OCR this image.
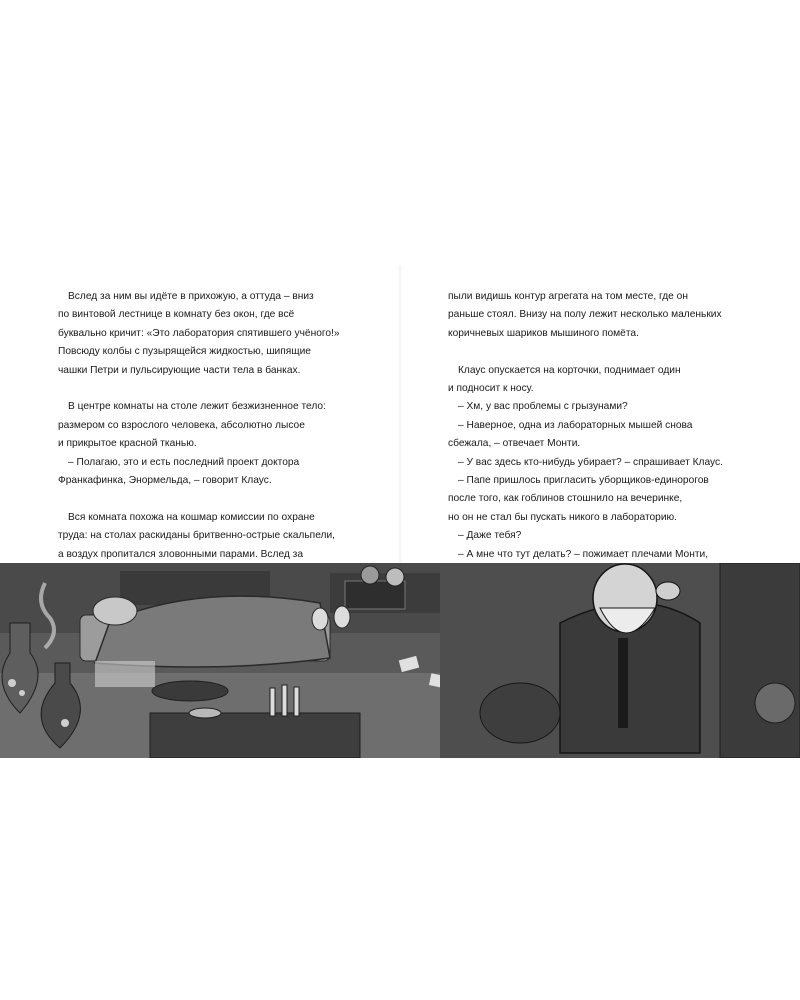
Вслед за ним вы идёте в прихожую, а оттуда – вниз

по винтовой лестнице в комнату без окон, где всё

буквально кричит: «Это лаборатория спятившего учёного!»

Повсюду колбы с пузырящейся жидкостью, шипящие

чашки Петри и пульсирующие части тела в банках.

В центре комнаты на столе лежит безжизненное тело:

размером со взрослого человека, абсолютно лысое

и прикрытое красной тканью.

– Полагаю, это и есть последний проект доктора

Франкафинка, Энормельда, – говорит Клаус.

Вся комната похожа на кошмар комиссии по охране

труда: на столах раскиданы бритвенно-острые скальпели,

а воздух пропитался зловонными парами. Вслед за

пыли видишь контур агрегата на том месте, где он

раньше стоял. Внизу на полу лежит несколько маленьких

коричневых шариков мышиного помёта.

Клаус опускается на корточки, поднимает один

и подносит к носу.

– Хм, у вас проблемы с грызунами?

– Наверное, одна из лабораторных мышей снова

сбежала, – отвечает Монти.

– У вас здесь кто-нибудь убирает? – спрашивает Клаус.

– Папе пришлось пригласить уборщиков-единорогов

после того, как гоблинов стошнило на вечеринке,

но он не стал бы пускать никого в лабораторию.

– Даже тебя?

– А мне что тут делать? – пожимает плечами Монти,
